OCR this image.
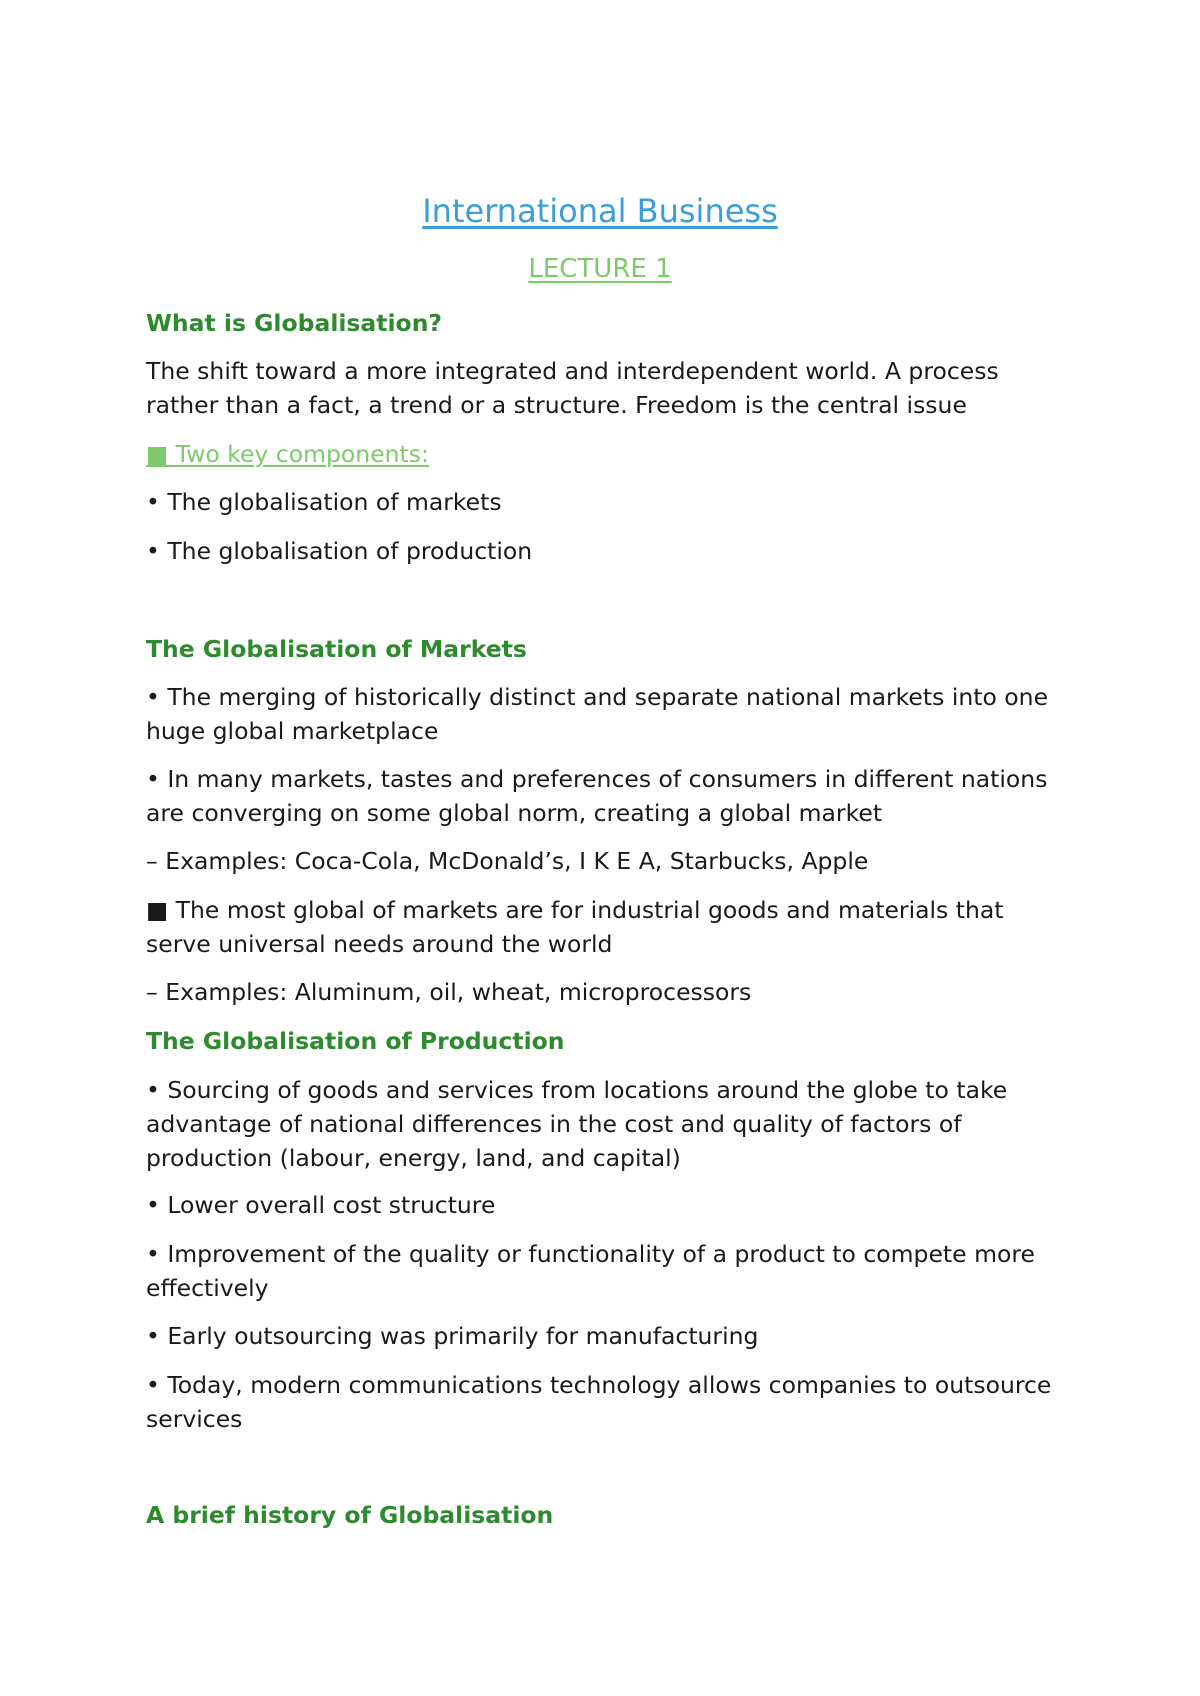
International Business
LECTURE 1
What is Globalisation?
The shift toward a more integrated and interdependent world. A process rather than a fact, a trend or a structure. Freedom is the central issue
■ Two key components:
• The globalisation of markets
• The globalisation of production
The Globalisation of Markets
• The merging of historically distinct and separate national markets into one huge global marketplace
• In many markets, tastes and preferences of consumers in different nations are converging on some global norm, creating a global market
– Examples: Coca-Cola, McDonald’s, I K E A, Starbucks, Apple
■ The most global of markets are for industrial goods and materials that serve universal needs around the world
– Examples: Aluminum, oil, wheat, microprocessors
The Globalisation of Production
• Sourcing of goods and services from locations around the globe to take advantage of national differences in the cost and quality of factors of production (labour, energy, land, and capital)
• Lower overall cost structure
• Improvement of the quality or functionality of a product to compete more effectively
• Early outsourcing was primarily for manufacturing
• Today, modern communications technology allows companies to outsource services
A brief history of Globalisation
